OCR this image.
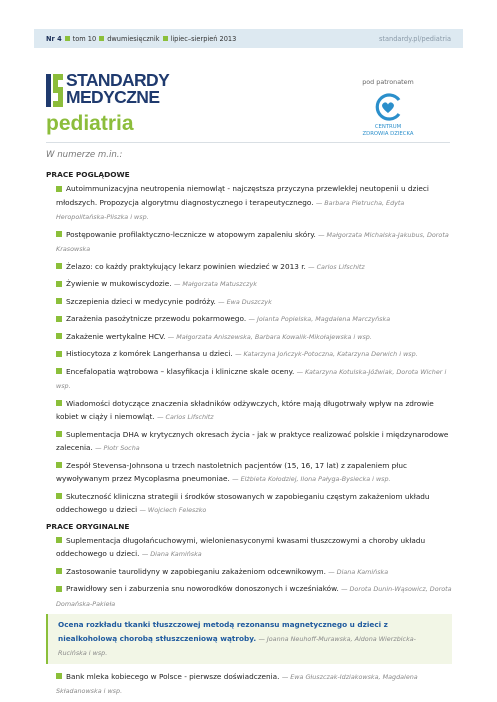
Nr 4 tom 10 dwumiesięcznik lipiec–sierpień 2013	standardy.pl/pediatria
STANDARDY
MEDYCZNE
pediatria
pod patronatem
CENTRUM
ZDROWIA DZIECKA
W numerze m.in.:
PRACE POGLĄDOWE
Autoimmunizacyjna neutropenia niemowląt - najczęstsza przyczyna przewlekłej neutopenii u dzieci młodszych. Propozycja algorytmu diagnostycznego i terapeutycznego. — Barbara Pietrucha, Edyta Heropolitańska-Pliszka i wsp.
Postępowanie profilaktyczno-lecznicze w atopowym zapaleniu skóry. — Małgorzata Michalska-Jakubus, Dorota Krasowska
Żelazo: co każdy praktykujący lekarz powinien wiedzieć w 2013 r. — Carlos Lifschitz
Żywienie w mukowiscydozie. — Małgorzata Matuszczyk
Szczepienia dzieci w medycynie podróży. — Ewa Duszczyk
Zarażenia pasożytnicze przewodu pokarmowego. — Jolanta Popielska, Magdalena Marczyńska
Zakażenie wertykalne HCV. — Małgorzata Aniszewska, Barbara Kowalik-Mikołajewska i wsp.
Histiocytoza z komórek Langerhansa u dzieci. — Katarzyna Jończyk-Potoczna, Katarzyna Derwich i wsp.
Encefalopatia wątrobowa – klasyfikacja i kliniczne skale oceny. — Katarzyna Kotulska-Jóźwiak, Dorota Wicher i wsp.
Wiadomości dotyczące znaczenia składników odżywczych, które mają długotrwały wpływ na zdrowie kobiet w ciąży i niemowląt. — Carlos Lifschitz
Suplementacja DHA w krytycznych okresach życia - jak w praktyce realizować polskie i międzynarodowe zalecenia. — Piotr Socha
Zespół Stevensa-Johnsona u trzech nastoletnich pacjentów (15, 16, 17 lat) z zapaleniem płuc wywoływanym przez Mycoplasma pneumoniae. — Elżbieta Kołodziej, Ilona Pałyga-Bysiecka i wsp.
Skuteczność kliniczna strategii i środków stosowanych w zapobieganiu częstym zakażeniom układu oddechowego u dzieci — Wojciech Feleszko
PRACE ORYGINALNE
Suplementacja długołańcuchowymi, wielonienasyconymi kwasami tłuszczowymi a choroby układu oddechowego u dzieci. — Diana Kamińska
Zastosowanie taurolidyny w zapobieganiu zakażeniom odcewnikowym. — Diana Kamińska
Prawidłowy sen i zaburzenia snu noworodków donoszonych i wcześniaków. — Dorota Dunin-Wąsowicz, Dorota Domańska-Pakieła
Ocena rozkładu tkanki tłuszczowej metodą rezonansu magnetycznego u dzieci z niealkoholową chorobą stłuszczeniową wątroby. — Joanna Neuhoff-Murawska, Aldona Wierzbicka-Rucińska i wsp.
Bank mleka kobiecego w Polsce - pierwsze doświadczenia. — Ewa Głuszczak-Idziakowska, Magdalena Składanowska i wsp.
